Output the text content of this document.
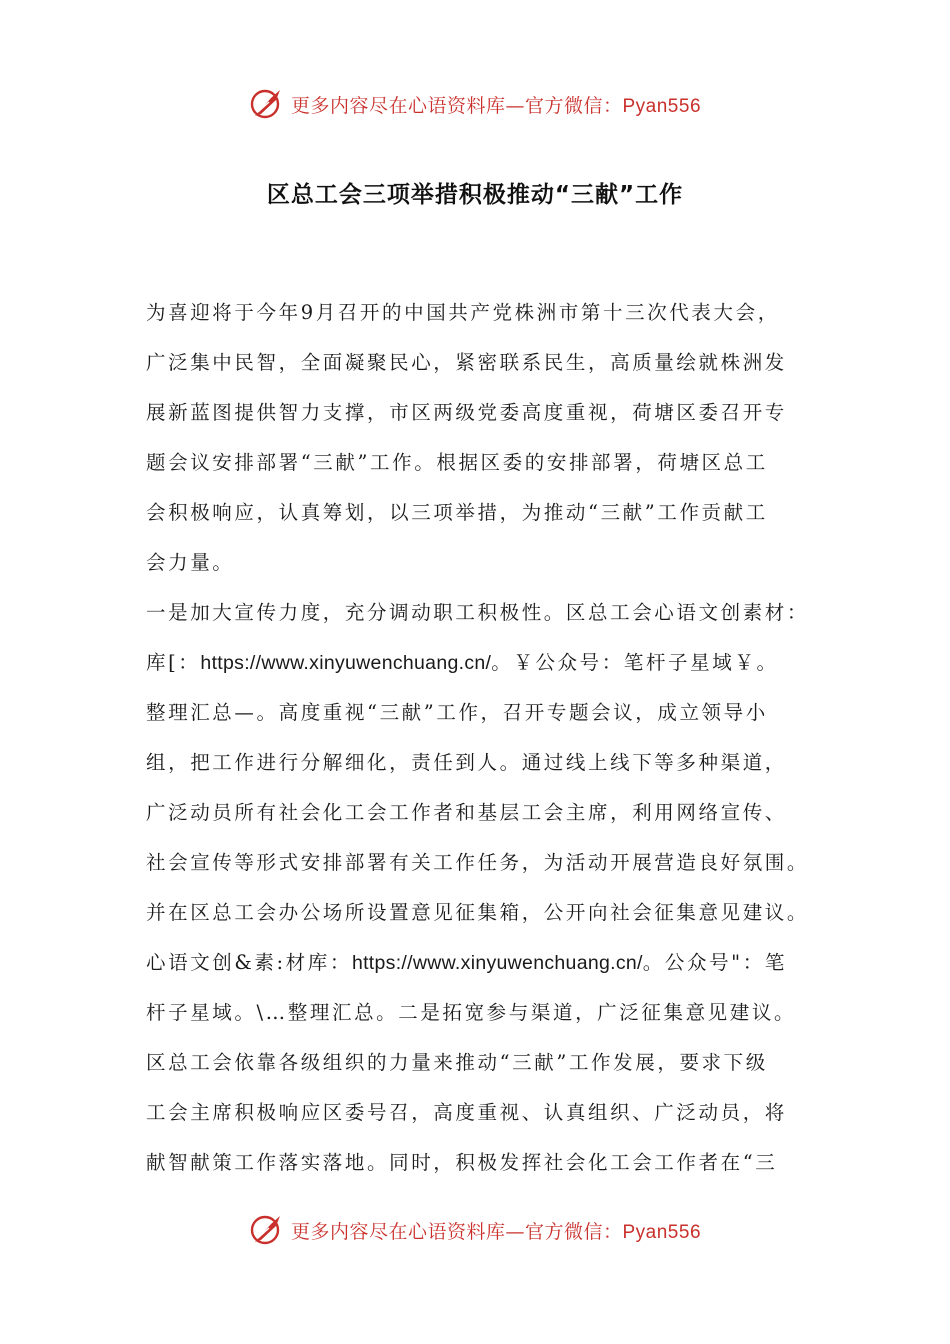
更多内容尽在心语资料库—官方微信：Pyan556
区总工会三项举措积极推动“三献”工作
为喜迎将于今年9月召开的中国共产党株洲市第十三次代表大会，
广泛集中民智，全面凝聚民心，紧密联系民生，高质量绘就株洲发
展新蓝图提供智力支撑，市区两级党委高度重视，荷塘区委召开专
题会议安排部署“三献”工作。根据区委的安排部署，荷塘区总工
会积极响应，认真筹划，以三项举措，为推动“三献”工作贡献工
会力量。
一是加大宣传力度，充分调动职工积极性。区总工会心语文创素材：
库[：https://www.xinyuwenchuang.cn/。￥公众号：笔杆子星域￥。
整理汇总—。高度重视“三献”工作，召开专题会议，成立领导小
组，把工作进行分解细化，责任到人。通过线上线下等多种渠道，
广泛动员所有社会化工会工作者和基层工会主席，利用网络宣传、
社会宣传等形式安排部署有关工作任务，为活动开展营造良好氛围。
并在区总工会办公场所设置意见征集箱，公开向社会征集意见建议。
心语文创&素:材库：https://www.xinyuwenchuang.cn/。公众号"：笔
杆子星域。\…整理汇总。二是拓宽参与渠道，广泛征集意见建议。
区总工会依靠各级组织的力量来推动“三献”工作发展，要求下级
工会主席积极响应区委号召，高度重视、认真组织、广泛动员，将
献智献策工作落实落地。同时，积极发挥社会化工会工作者在“三
更多内容尽在心语资料库—官方微信：Pyan556
